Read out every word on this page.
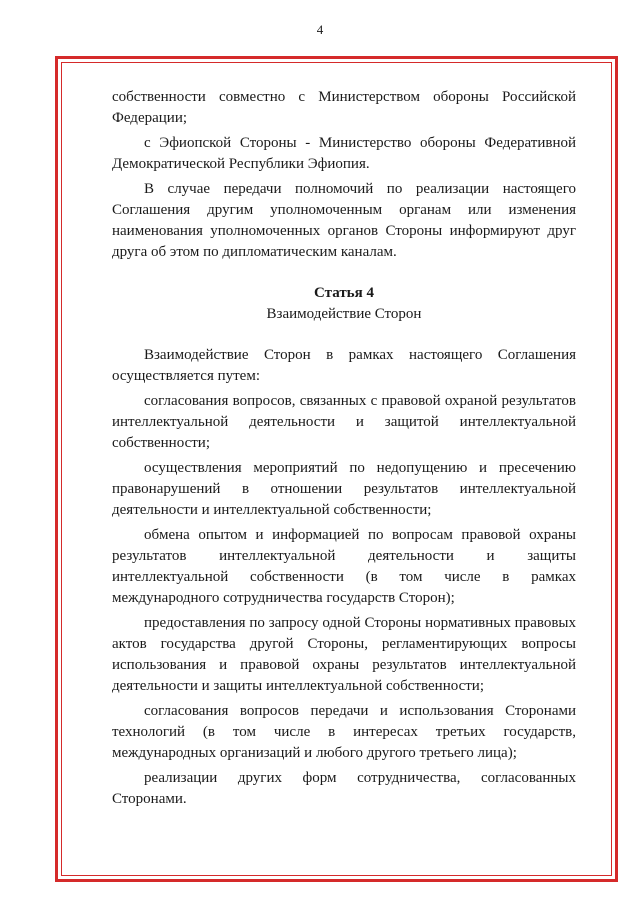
4

собственности совместно с Министерством обороны Российской Федерации;

с Эфиопской Стороны - Министерство обороны Федеративной Демократической Республики Эфиопия.

В случае передачи полномочий по реализации настоящего Соглашения другим уполномоченным органам или изменения наименования уполномоченных органов Стороны информируют друг друга об этом по дипломатическим каналам.

Статья 4
Взаимодействие Сторон

Взаимодействие Сторон в рамках настоящего Соглашения осуществляется путем:

согласования вопросов, связанных с правовой охраной результатов интеллектуальной деятельности и защитой интеллектуальной собственности;

осуществления мероприятий по недопущению и пресечению правонарушений в отношении результатов интеллектуальной деятельности и интеллектуальной собственности;

обмена опытом и информацией по вопросам правовой охраны результатов интеллектуальной деятельности и защиты интеллектуальной собственности (в том числе в рамках международного сотрудничества государств Сторон);

предоставления по запросу одной Стороны нормативных правовых актов государства другой Стороны, регламентирующих вопросы использования и правовой охраны результатов интеллектуальной деятельности и защиты интеллектуальной собственности;

согласования вопросов передачи и использования Сторонами технологий (в том числе в интересах третьих государств, международных организаций и любого другого третьего лица);

реализации других форм сотрудничества, согласованных Сторонами.
